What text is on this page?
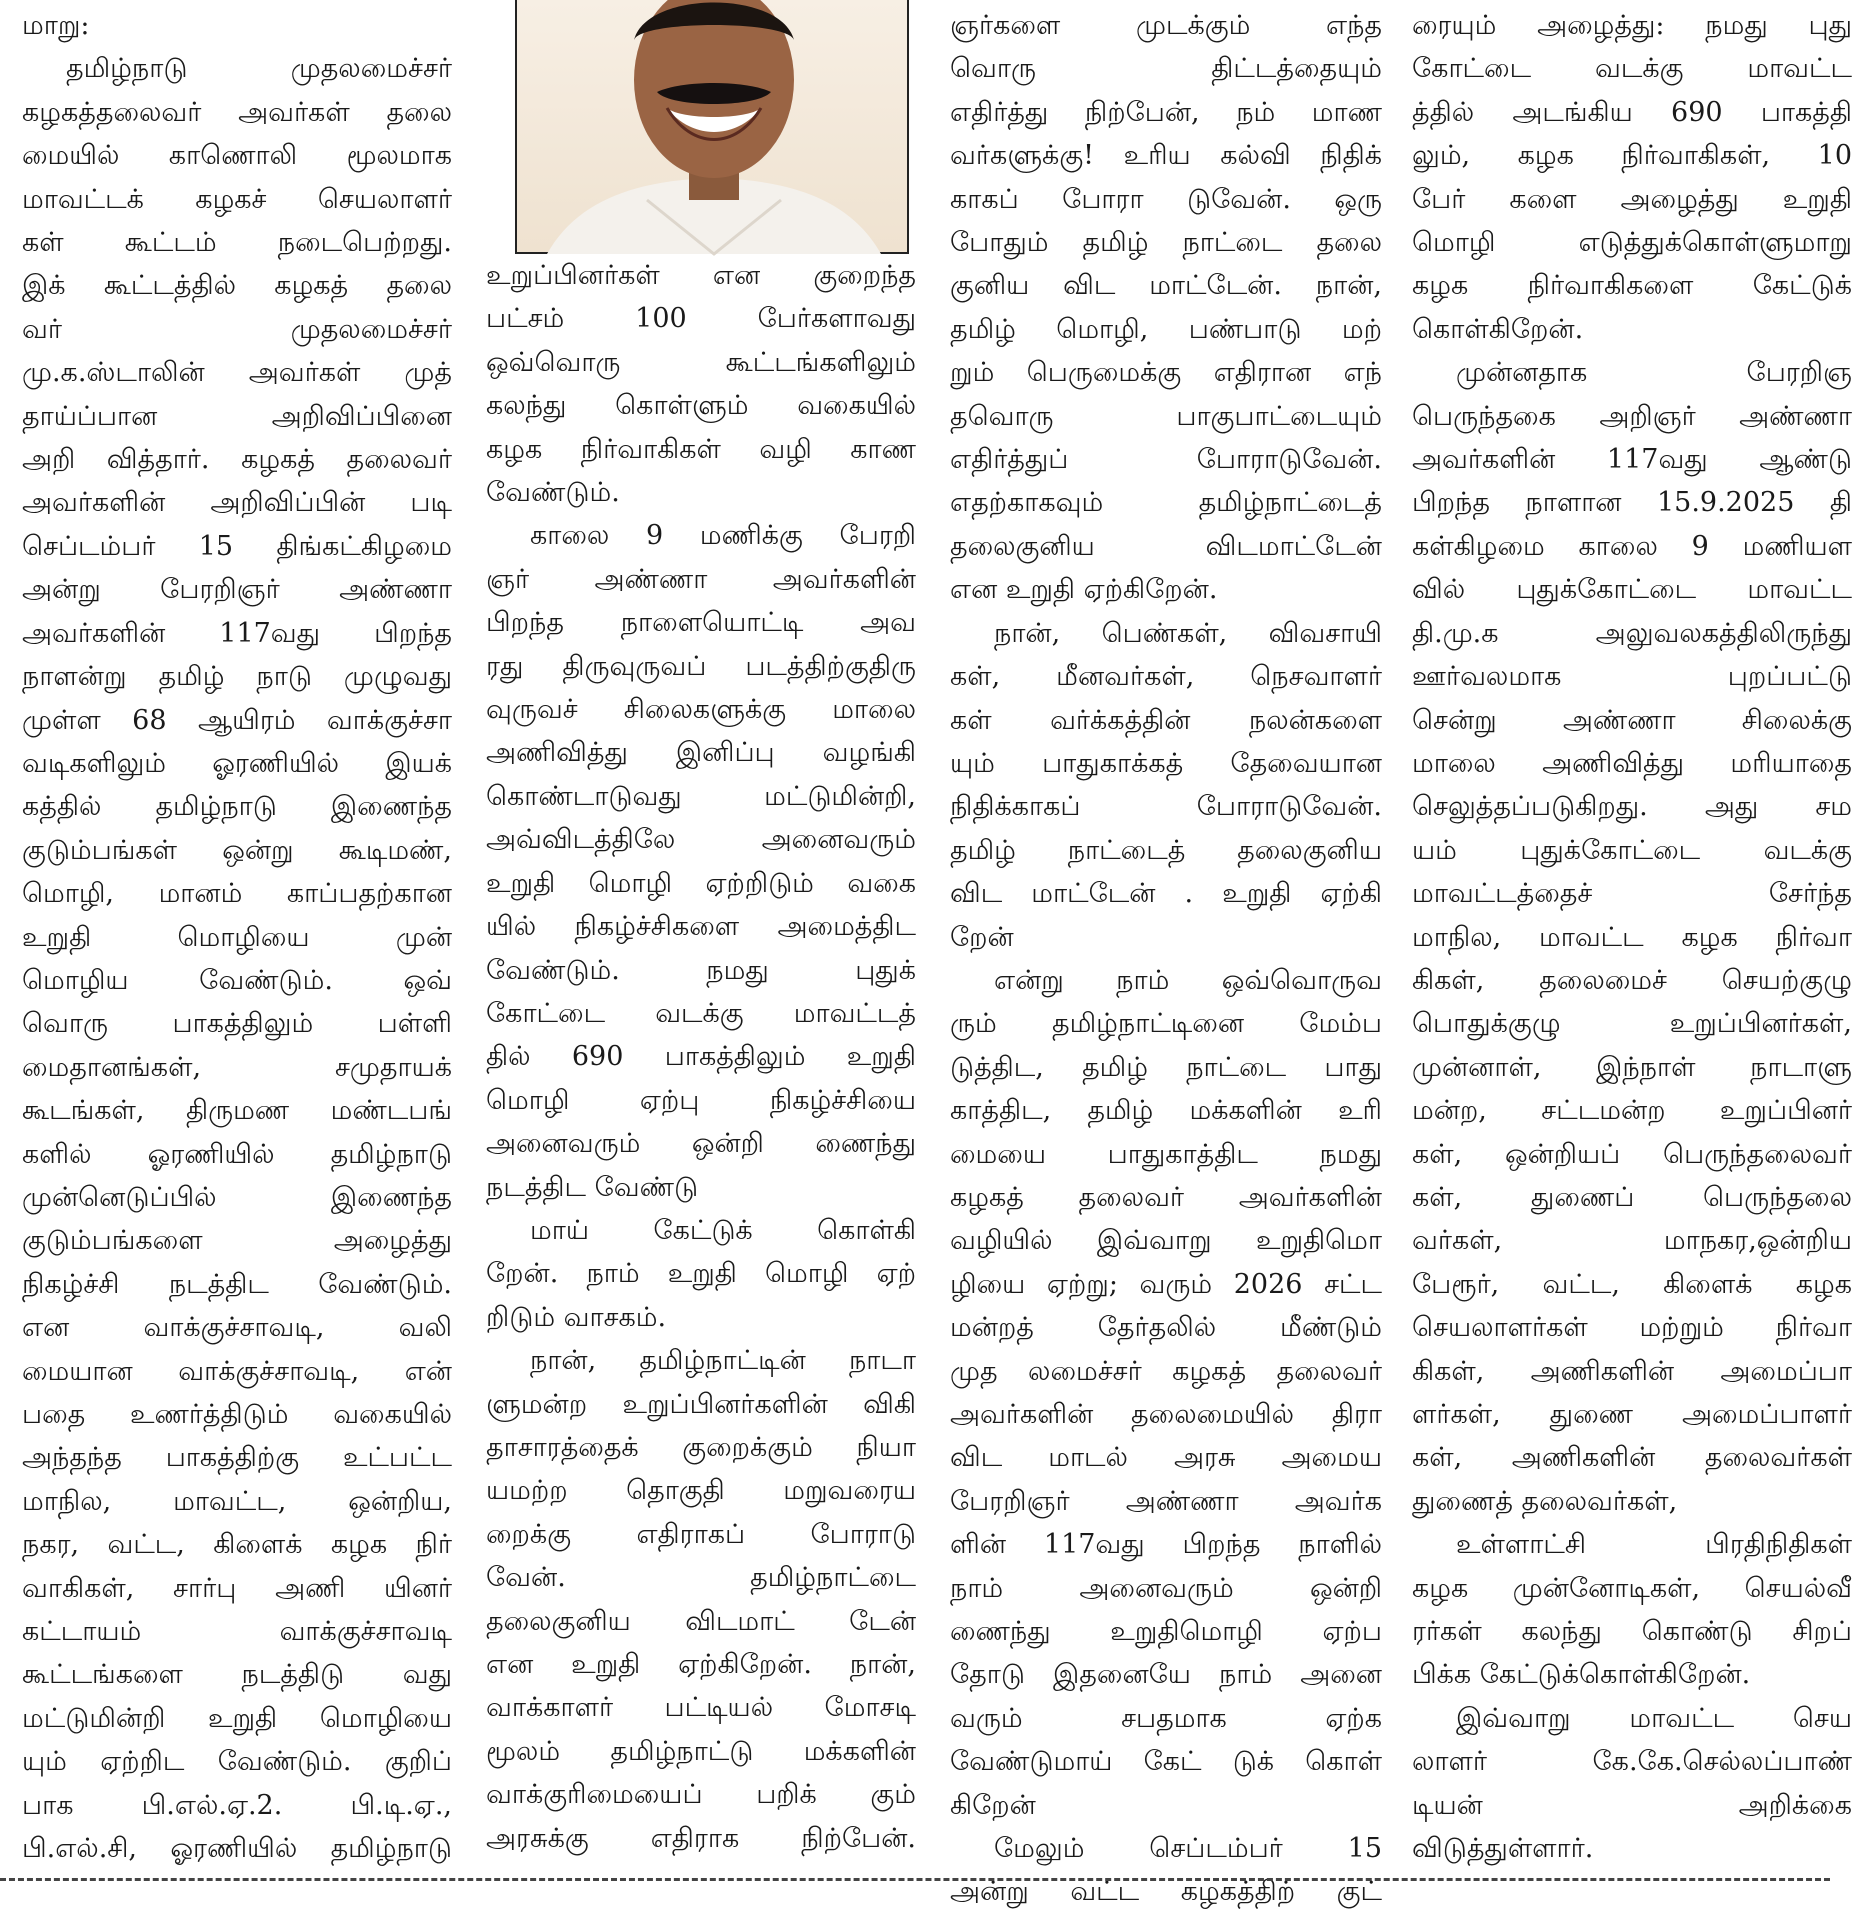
மாறு:
தமிழ்நாடு முதலமைச்சர்
கழகத்தலைவர் அவர்கள் தலை
மையில் காணொலி மூலமாக
மாவட்டக் கழகச் செயலாளர்
கள் கூட்டம் நடைபெற்றது.
இக் கூட்டத்தில் கழகத் தலை
வர் முதலமைச்சர்
மு.க.ஸ்டாலின் அவர்கள் முத்
தாய்ப்பான அறிவிப்பினை
அறி வித்தார். கழகத் தலைவர்
அவர்களின் அறிவிப்பின் படி
செப்டம்பர் 15 திங்கட்கிழமை
அன்று பேரறிஞர் அண்ணா
அவர்களின் 117வது பிறந்த
நாளன்று தமிழ் நாடு முழுவது
முள்ள 68 ஆயிரம் வாக்குச்சா
வடிகளிலும் ஓரணியில் இயக்
கத்தில் தமிழ்நாடு இணைந்த
குடும்பங்கள் ஒன்று கூடிமண்,
மொழி, மானம் காப்பதற்கான
உறுதி மொழியை முன்
மொழிய வேண்டும். ஒவ்
வொரு பாகத்திலும் பள்ளி
மைதானங்கள், சமுதாயக்
கூடங்கள், திருமண மண்டபங்
களில் ஓரணியில் தமிழ்நாடு
முன்னெடுப்பில் இணைந்த
குடும்பங்களை அழைத்து
நிகழ்ச்சி நடத்திட வேண்டும்.
என வாக்குச்சாவடி, வலி
மையான வாக்குச்சாவடி, என்
பதை உணர்த்திடும் வகையில்
அந்தந்த பாகத்திற்கு உட்பட்ட
மாநில, மாவட்ட, ஒன்றிய,
நகர, வட்ட, கிளைக் கழக நிர்
வாகிகள், சார்பு அணி யினர்
கட்டாயம் வாக்குச்சாவடி
கூட்டங்களை நடத்திடு வது
மட்டுமின்றி உறுதி மொழியை
யும் ஏற்றிட வேண்டும். குறிப்
பாக பி.எல்.ஏ.2. பி.டி.ஏ.,
பி.எல்.சி, ஓரணியில் தமிழ்நாடு
உறுப்பினர்கள் என குறைந்த
பட்சம் 100 பேர்களாவது
ஒவ்வொரு கூட்டங்களிலும்
கலந்து கொள்ளும் வகையில்
கழக நிர்வாகிகள் வழி காண
வேண்டும்.
காலை 9 மணிக்கு பேரறி
ஞர் அண்ணா அவர்களின்
பிறந்த நாளையொட்டி அவ
ரது திருவுருவப் படத்திற்குதிரு
வுருவச் சிலைகளுக்கு மாலை
அணிவித்து இனிப்பு வழங்கி
கொண்டாடுவது மட்டுமின்றி,
அவ்விடத்திலே அனைவரும்
உறுதி மொழி ஏற்றிடும் வகை
யில் நிகழ்ச்சிகளை அமைத்திட
வேண்டும். நமது புதுக்
கோட்டை வடக்கு மாவட்டத்
தில் 690 பாகத்திலும் உறுதி
மொழி ஏற்பு நிகழ்ச்சியை
அனைவரும் ஒன்றி ணைந்து
நடத்திட வேண்டு
மாய் கேட்டுக் கொள்கி
றேன். நாம் உறுதி மொழி ஏற்
றிடும் வாசகம்.
நான், தமிழ்நாட்டின் நாடா
ளுமன்ற உறுப்பினர்களின் விகி
தாசாரத்தைக் குறைக்கும் நியா
யமற்ற தொகுதி மறுவரைய
றைக்கு எதிராகப் போராடு
வேன். தமிழ்நாட்டை
தலைகுனிய விடமாட் டேன்
என உறுதி ஏற்கிறேன். நான்,
வாக்காளர் பட்டியல் மோசடி
மூலம் தமிழ்நாட்டு மக்களின்
வாக்குரிமையைப் பறிக் கும்
அரசுக்கு எதிராக நிற்பேன்.
ஞர்களை முடக்கும் எந்த
வொரு திட்டத்தையும்
எதிர்த்து நிற்பேன், நம் மாண
வர்களுக்கு! உரிய கல்வி நிதிக்
காகப் போரா டுவேன். ஒரு
போதும் தமிழ் நாட்டை தலை
குனிய விட மாட்டேன். நான்,
தமிழ் மொழி, பண்பாடு மற்
றும் பெருமைக்கு எதிரான எந்
தவொரு பாகுபாட்டையும்
எதிர்த்துப் போராடுவேன்.
எதற்காகவும் தமிழ்நாட்டைத்
தலைகுனிய விடமாட்டேன்
என உறுதி ஏற்கிறேன்.
நான், பெண்கள், விவசாயி
கள், மீனவர்கள், நெசவாளர்
கள் வர்க்கத்தின் நலன்களை
யும் பாதுகாக்கத் தேவையான
நிதிக்காகப் போராடுவேன்.
தமிழ் நாட்டைத் தலைகுனிய
விட மாட்டேன் . உறுதி ஏற்கி
றேன்
என்று நாம் ஒவ்வொருவ
ரும் தமிழ்நாட்டினை மேம்ப
டுத்திட, தமிழ் நாட்டை பாது
காத்திட, தமிழ் மக்களின் உரி
மையை பாதுகாத்திட நமது
கழகத் தலைவர் அவர்களின்
வழியில் இவ்வாறு உறுதிமொ
ழியை ஏற்று; வரும் 2026 சட்ட
மன்றத் தேர்தலில் மீண்டும்
முத லமைச்சர் கழகத் தலைவர்
அவர்களின் தலைமையில் திரா
விட மாடல் அரசு அமைய
பேரறிஞர் அண்ணா அவர்க
ளின் 117வது பிறந்த நாளில்
நாம் அனைவரும் ஒன்றி
ணைந்து உறுதிமொழி ஏற்ப
தோடு இதனையே நாம் அனை
வரும் சபதமாக ஏற்க
வேண்டுமாய் கேட் டுக் கொள்
கிறேன்
மேலும் செப்டம்பர் 15
அன்று வட்ட கழகத்திற் குட்
ரையும் அழைத்து: நமது புது
கோட்டை வடக்கு மாவட்ட
த்தில் அடங்கிய 690 பாகத்தி
லும், கழக நிர்வாகிகள், 10
பேர் களை அழைத்து உறுதி
மொழி எடுத்துக்கொள்ளுமாறு
கழக நிர்வாகிகளை கேட்டுக்
கொள்கிறேன்.
முன்னதாக பேரறிஞ
பெருந்தகை அறிஞர் அண்ணா
அவர்களின் 117வது ஆண்டு
பிறந்த நாளான 15.9.2025 தி
கள்கிழமை காலை 9 மணியள
வில் புதுக்கோட்டை மாவட்ட
தி.மு.க அலுவலகத்திலிருந்து
ஊர்வலமாக புறப்பட்டு
சென்று அண்ணா சிலைக்கு
மாலை அணிவித்து மரியாதை
செலுத்தப்படுகிறது. அது சம
யம் புதுக்கோட்டை வடக்கு
மாவட்டத்தைச் சேர்ந்த
மாநில, மாவட்ட கழக நிர்வா
கிகள், தலைமைச் செயற்குழு
பொதுக்குழு உறுப்பினர்கள்,
முன்னாள், இந்நாள் நாடாளு
மன்ற, சட்டமன்ற உறுப்பினர்
கள், ஒன்றியப் பெருந்தலைவர்
கள், துணைப் பெருந்தலை
வர்கள், மாநகர,ஒன்றிய
பேரூர், வட்ட, கிளைக் கழக
செயலாளர்கள் மற்றும் நிர்வா
கிகள், அணிகளின் அமைப்பா
ளர்கள், துணை அமைப்பாளர்
கள், அணிகளின் தலைவர்கள்
துணைத் தலைவர்கள்,
உள்ளாட்சி பிரதிநிதிகள்
கழக முன்னோடிகள், செயல்வீ
ரர்கள் கலந்து கொண்டு சிறப்
பிக்க கேட்டுக்கொள்கிறேன்.
இவ்வாறு மாவட்ட செய
லாளர் கே.கே.செல்லப்பாண்
டியன் அறிக்கை
விடுத்துள்ளார்.
